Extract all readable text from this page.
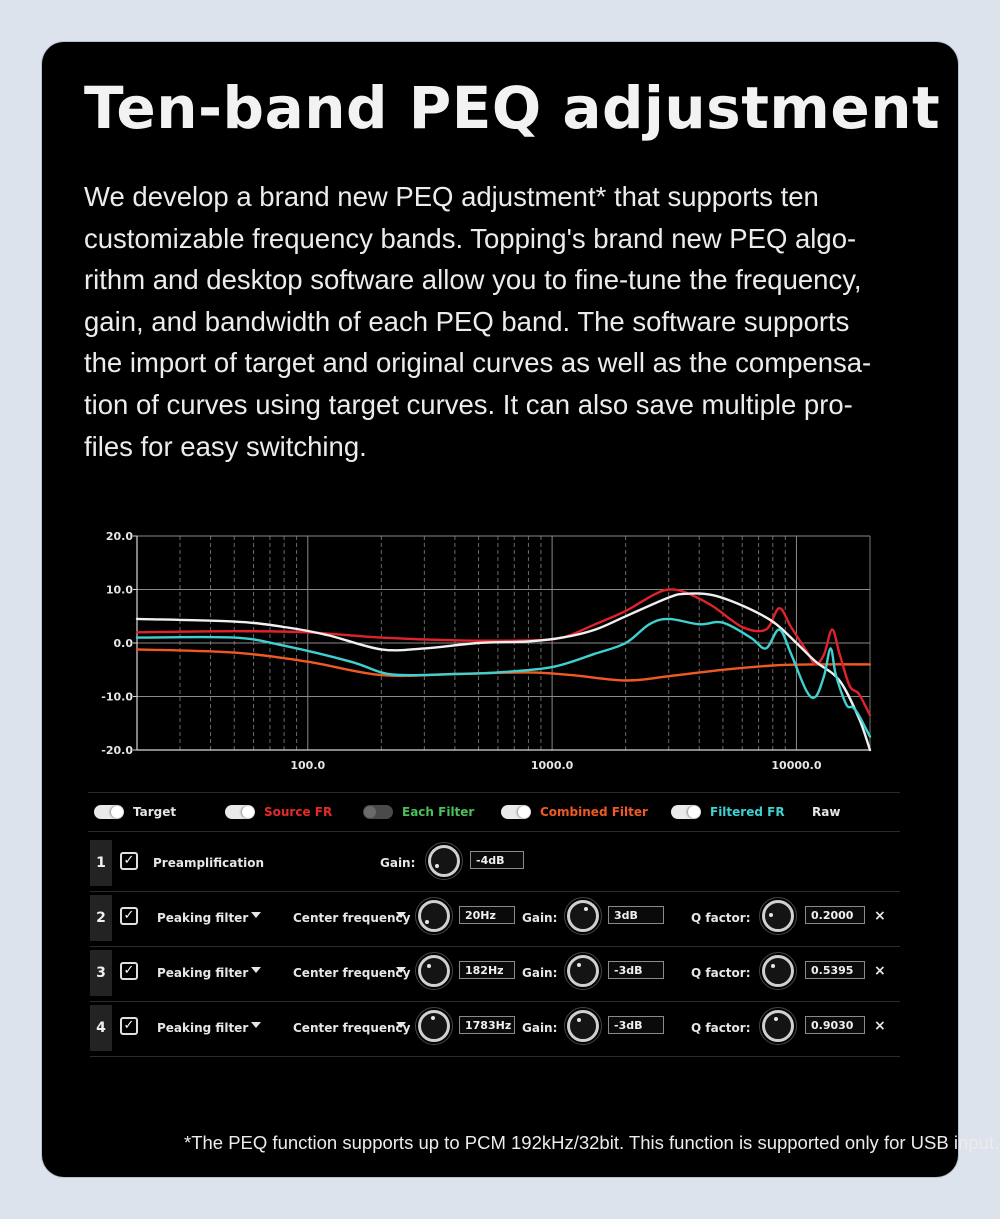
Ten-band PEQ adjustment

We develop a brand new PEQ adjustment* that supports ten
customizable frequency bands. Topping's brand new PEQ algo-
rithm and desktop software allow you to fine-tune the frequency,
gain, and bandwidth of each PEQ band. The software supports
the import of target and original curves as well as the compensa-
tion of curves using target curves. It can also save multiple pro-
files for easy switching.

20.0
10.0
0.0
-10.0
-20.0
100.0	1000.0	10000.0
Target	Source FR	Each Filter	Combined Filter	Filtered FR Raw
1	✓ Preamplification	Gain:	-4dB
2	✓ Peaking filter	Center frequency	20Hz	Gain:	3dB	Q factor:	0.2000	×
3	✓ Peaking filter	Center frequency	182Hz	Gain:	-3dB	Q factor:	0.5395	×
4	✓ Peaking filter	Center frequency	1783Hz Gain:	-3dB	Q factor:	0.9030	×

*The PEQ function supports up to PCM 192kHz/32bit. This function is supported only for USB input.
